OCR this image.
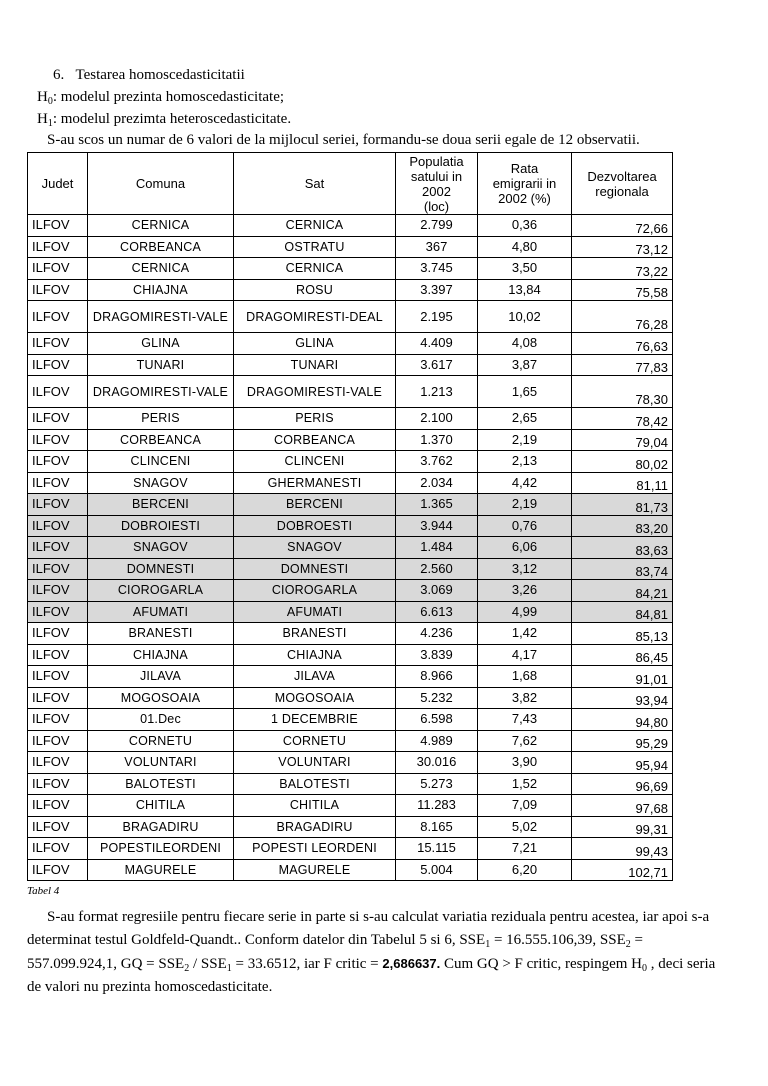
6. Testarea homoscedasticitatii
$H_0$: modelul prezinta homoscedasticitate;
$H_1$: modelul prezimta heteroscedasticitate.
S-au scos un numar de 6 valori de la mijlocul seriei, formandu-se doua serii egale de 12 observatii.
Judet	Comuna	Sat	Populatia
satului in
2002
(loc)	Rata
emigrarii in
2002 (%)	Dezvoltarea
regionala
ILFOV	CERNICA	CERNICA	2.799	0,36	72,66
ILFOV	CORBEANCA	OSTRATU	367	4,80	73,12
ILFOV	CERNICA	CERNICA	3.745	3,50	73,22
ILFOV	CHIAJNA	ROSU	3.397	13,84	75,58
ILFOV	DRAGOMIRESTI-VALE	DRAGOMIRESTI-DEAL	2.195	10,02	76,28
ILFOV	GLINA	GLINA	4.409	4,08	76,63
ILFOV	TUNARI	TUNARI	3.617	3,87	77,83
ILFOV	DRAGOMIRESTI-VALE	DRAGOMIRESTI-VALE	1.213	1,65	78,30
ILFOV	PERIS	PERIS	2.100	2,65	78,42
ILFOV	CORBEANCA	CORBEANCA	1.370	2,19	79,04
ILFOV	CLINCENI	CLINCENI	3.762	2,13	80,02
ILFOV	SNAGOV	GHERMANESTI	2.034	4,42	81,11
ILFOV	BERCENI	BERCENI	1.365	2,19	81,73
ILFOV	DOBROIESTI	DOBROESTI	3.944	0,76	83,20
ILFOV	SNAGOV	SNAGOV	1.484	6,06	83,63
ILFOV	DOMNESTI	DOMNESTI	2.560	3,12	83,74
ILFOV	CIOROGARLA	CIOROGARLA	3.069	3,26	84,21
ILFOV	AFUMATI	AFUMATI	6.613	4,99	84,81
ILFOV	BRANESTI	BRANESTI	4.236	1,42	85,13
ILFOV	CHIAJNA	CHIAJNA	3.839	4,17	86,45
ILFOV	JILAVA	JILAVA	8.966	1,68	91,01
ILFOV	MOGOSOAIA	MOGOSOAIA	5.232	3,82	93,94
ILFOV	01.Dec	1 DECEMBRIE	6.598	7,43	94,80
ILFOV	CORNETU	CORNETU	4.989	7,62	95,29
ILFOV	VOLUNTARI	VOLUNTARI	30.016	3,90	95,94
ILFOV	BALOTESTI	BALOTESTI	5.273	1,52	96,69
ILFOV	CHITILA	CHITILA	11.283	7,09	97,68
ILFOV	BRAGADIRU	BRAGADIRU	8.165	5,02	99,31
ILFOV	POPESTILEORDENI	POPESTI LEORDENI	15.115	7,21	99,43
ILFOV	MAGURELE	MAGURELE	5.004	6,20	102,71
Tabel 4
S-au format regresiile pentru fiecare serie in parte si s-au calculat variatia reziduala pentru acestea, iar apoi s-a determinat testul Goldfeld-Quandt.. Conform datelor din Tabelul 5 si 6, $SSE_1 = 16.555.106,39$, $SSE_2 = 557.099.924,1$, GQ = $SSE_2 / SSE_1 = 33.6512$, iar F critic = 2,686637. Cum GQ > F critic, respingem $H_0$ , deci seria de valori nu prezinta homoscedasticitate.
